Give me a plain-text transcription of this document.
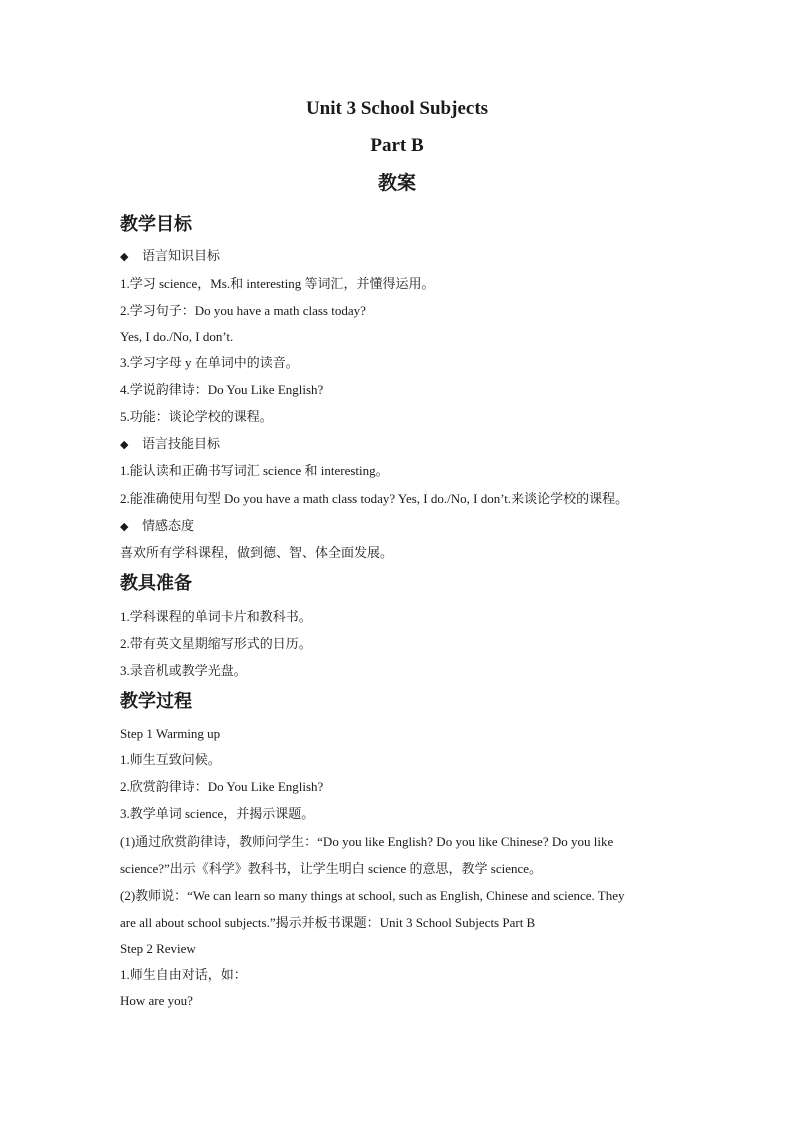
Unit 3 School Subjects
Part B
教案
教学目标
◆ 语言知识目标
1.学习 science，Ms.和 interesting 等词汇，并懂得运用。
2.学习句子：Do you have a math class today?
Yes, I do./No, I don’t.
3.学习字母 y 在单词中的读音。
4.学说韵律诗：Do You Like English?
5.功能：谈论学校的课程。
◆ 语言技能目标
1.能认读和正确书写词汇 science 和 interesting。
2.能准确使用句型 Do you have a math class today? Yes, I do./No, I don’t.来谈论学校的课程。
◆ 情感态度
喜欢所有学科课程，做到德、智、体全面发展。
教具准备
1.学科课程的单词卡片和教科书。
2.带有英文星期缩写形式的日历。
3.录音机或教学光盘。
教学过程
Step 1 Warming up
1.师生互致问候。
2.欣赏韵律诗：Do You Like English?
3.教学单词 science，并揭示课题。
(1)通过欣赏韵律诗，教师问学生：“Do you like English? Do you like Chinese? Do you like
science?”出示《科学》教科书，让学生明白 science 的意思，教学 science。
(2)教师说：“We can learn so many things at school, such as English, Chinese and science. They
are all about school subjects.”揭示并板书课题：Unit 3 School Subjects Part B
Step 2 Review
1.师生自由对话，如：
How are you?
